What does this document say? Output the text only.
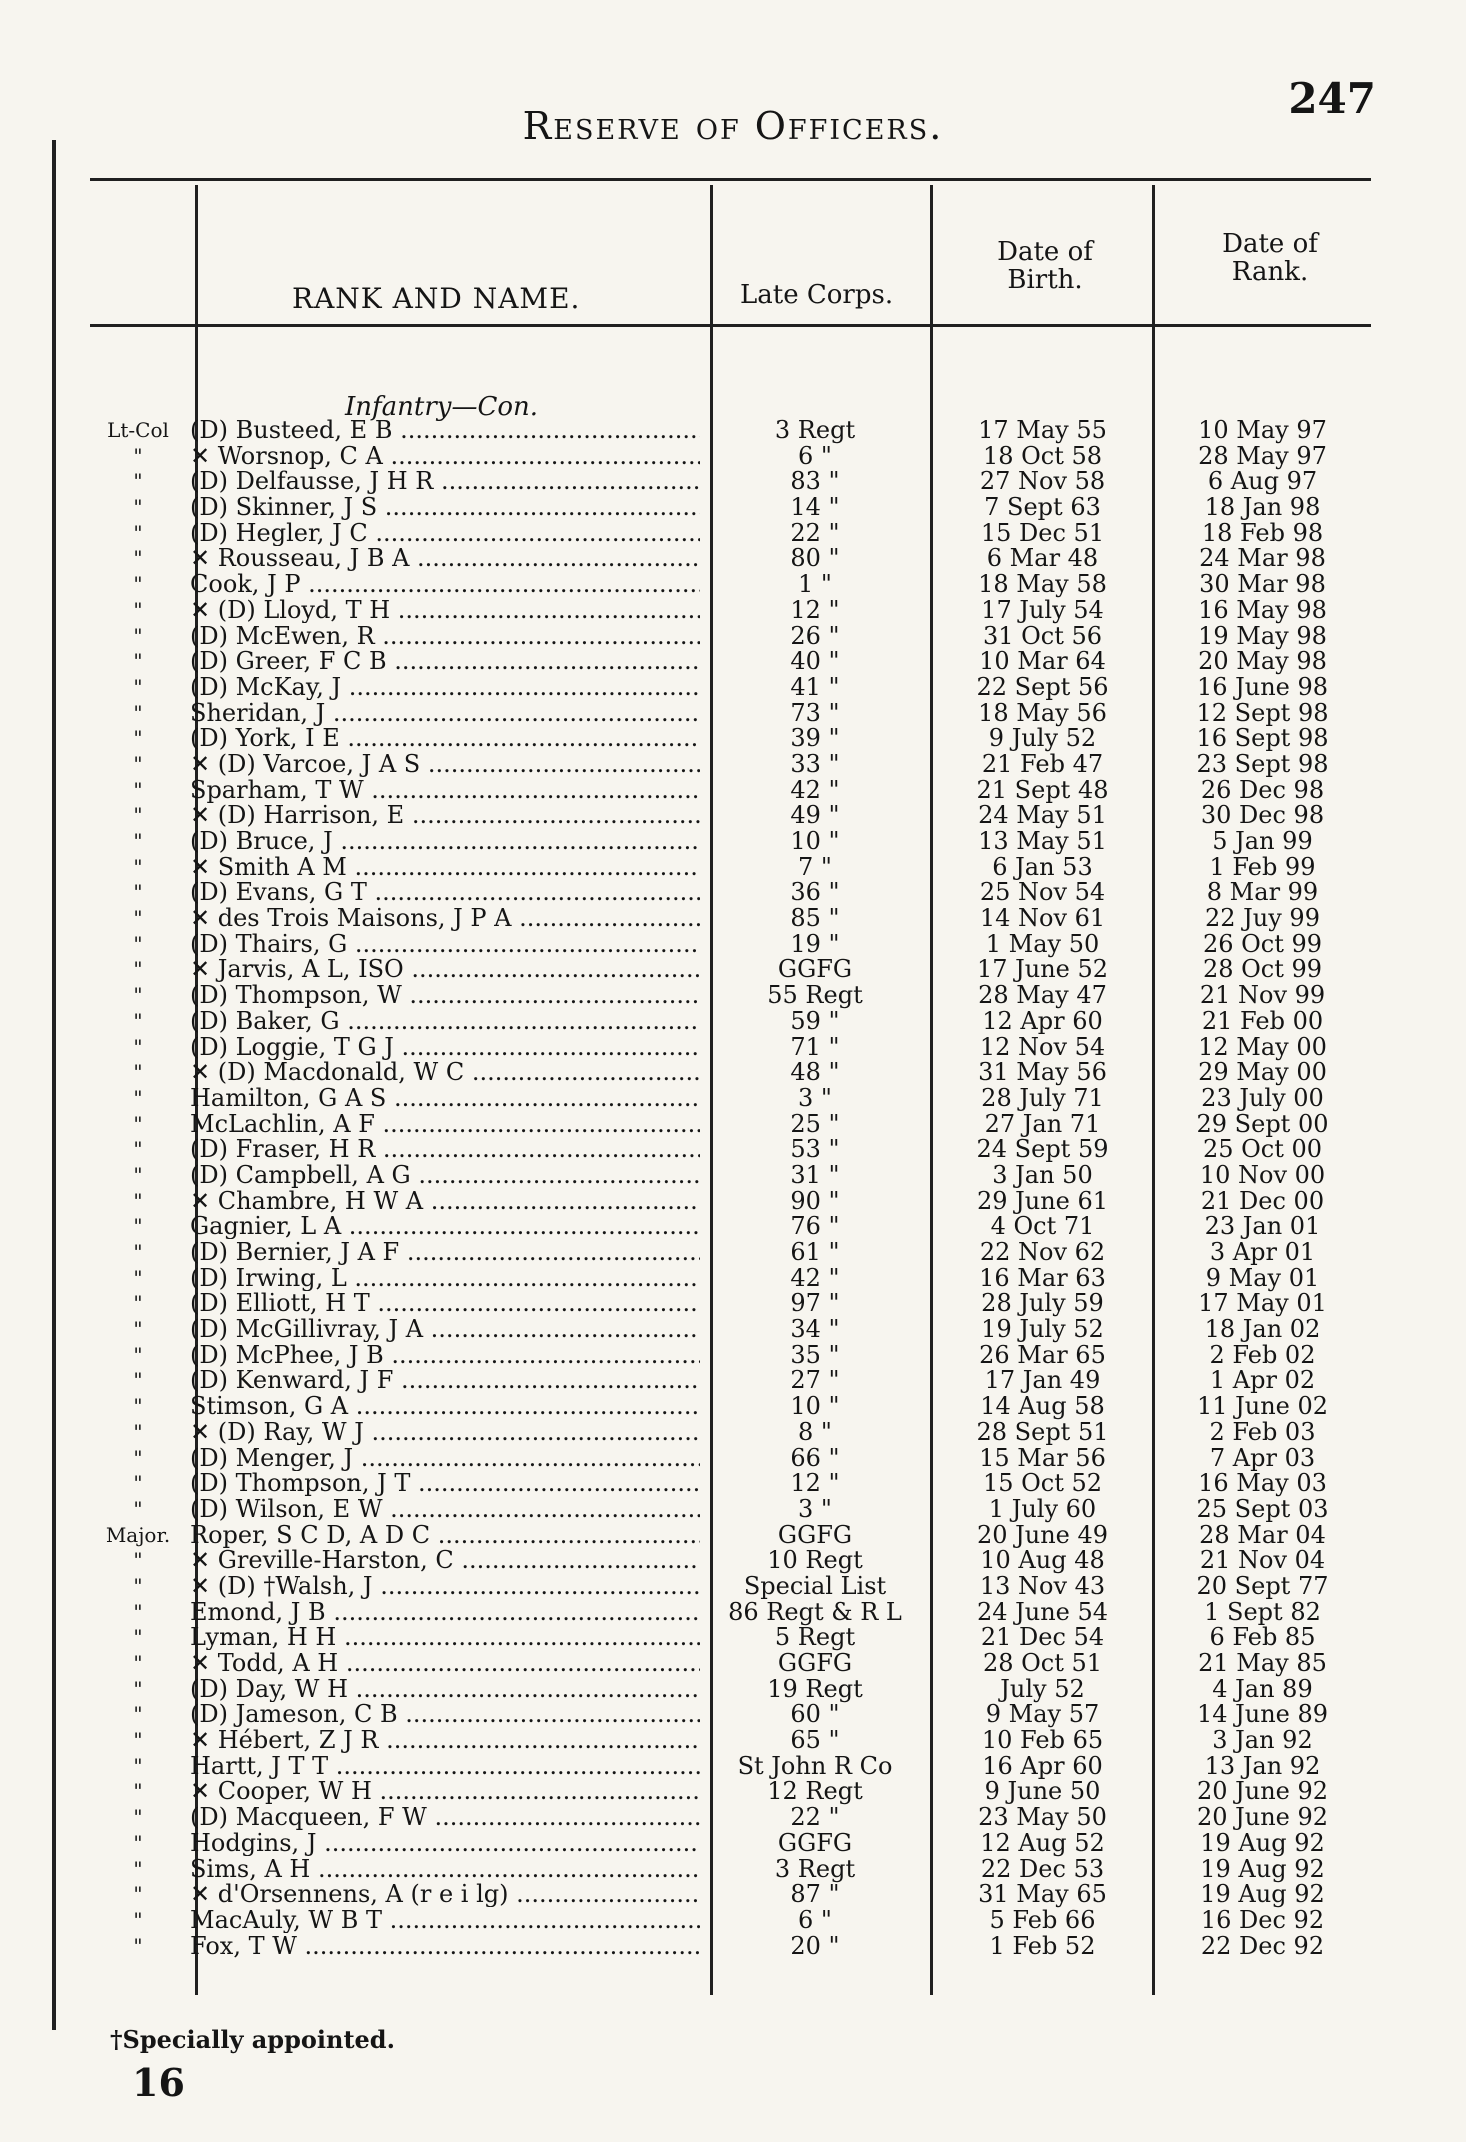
247
Reserve of Officers.
RANK AND NAME.	Late Corps.
Date of Birth.
Date of Rank.
Infantry—Con.
Lt-Col (D) Busteed, E B .....	3 Regt	17 May 55	10 May 97
"	✕ Worsnop, C A .....	6 "	18 Oct 58	28 May 97
"	(D) Delfausse, J H R .....	83 "	27 Nov 58	6 Aug 97
"	(D) Skinner, J S .....	14 "	7 Sept 63	18 Jan 98
"	(D) Hegler, J C .....	22 "	15 Dec 51	18 Feb 98
"	✕ Rousseau, J B A .....	80 "	6 Mar 48	24 Mar 98
"	Cook, J P .....	1 "	18 May 58	30 Mar 98
"	✕ (D) Lloyd, T H .....	12 "	17 July 54	16 May 98
"	(D) McEwen, R .....	26 "	31 Oct 56	19 May 98
"	(D) Greer, F C B .....	40 "	10 Mar 64	20 May 98
"	(D) McKay, J .....	41 "	22 Sept 56	16 June 98
"	Sheridan, J .....	73 "	18 May 56	12 Sept 98
"	(D) York, I E .....	39 "	9 July 52	16 Sept 98
"	✕ (D) Varcoe, J A S .....	33 "	21 Feb 47	23 Sept 98
"	Sparham, T W .....	42 "	21 Sept 48	26 Dec 98
"	✕ (D) Harrison, E .....	49 "	24 May 51	30 Dec 98
"	(D) Bruce, J .....	10 "	13 May 51	5 Jan 99
"	✕ Smith A M .....	7 "	6 Jan 53	1 Feb 99
"	(D) Evans, G T .....	36 "	25 Nov 54	8 Mar 99
"	✕ des Trois Maisons, J P A .....	85 "	14 Nov 61	22 Juy 99
"	(D) Thairs, G .....	19 "	1 May 50	26 Oct 99
"	✕ Jarvis, A L, ISO .....	GGFG	17 June 52	28 Oct 99
"	(D) Thompson, W .....	55 Regt	28 May 47	21 Nov 99
"	(D) Baker, G .....	59 "	12 Apr 60	21 Feb 00
"	(D) Loggie, T G J .....	71 "	12 Nov 54	12 May 00
"	✕ (D) Macdonald, W C .....	48 "	31 May 56	29 May 00
"	Hamilton, G A S .....	3 "	28 July 71	23 July 00
"	McLachlin, A F .....	25 "	27 Jan 71	29 Sept 00
"	(D) Fraser, H R .....	53 "	24 Sept 59	25 Oct 00
"	(D) Campbell, A G .....	31 "	3 Jan 50	10 Nov 00
"	✕ Chambre, H W A .....	90 "	29 June 61	21 Dec 00
"	Gagnier, L A .....	76 "	4 Oct 71	23 Jan 01
"	(D) Bernier, J A F .....	61 "	22 Nov 62	3 Apr 01
"	(D) Irwing, L .....	42 "	16 Mar 63	9 May 01
"	(D) Elliott, H T .....	97 "	28 July 59	17 May 01
"	(D) McGillivray, J A .....	34 "	19 July 52	18 Jan 02
"	(D) McPhee, J B .....	35 "	26 Mar 65	2 Feb 02
"	(D) Kenward, J F .....	27 "	17 Jan 49	1 Apr 02
"	Stimson, G A .....	10 "	14 Aug 58	11 June 02
"	✕ (D) Ray, W J .....	8 "	28 Sept 51	2 Feb 03
"	(D) Menger, J .....	66 "	15 Mar 56	7 Apr 03
"	(D) Thompson, J T .....	12 "	15 Oct 52	16 May 03
"	(D) Wilson, E W .....	3 "	1 July 60	25 Sept 03
Major. Roper, S C D, A D C .....	GGFG	20 June 49	28 Mar 04
"	✕ Greville-Harston, C .....	10 Regt	10 Aug 48	21 Nov 04
"	✕ (D) †Walsh, J .....	Special List	13 Nov 43	20 Sept 77
"	Emond, J B .....	86 Regt & R L	24 June 54	1 Sept 82
"	Lyman, H H .....	5 Regt	21 Dec 54	6 Feb 85
"	✕ Todd, A H .....	GGFG	28 Oct 51	21 May 85
"	(D) Day, W H .....	19 Regt	July 52	4 Jan 89
"	(D) Jameson, C B .....	60 "	9 May 57	14 June 89
"	✕ Hébert, Z J R .....	65 "	10 Feb 65	3 Jan 92
"	Hartt, J T T .....	St John R Co	16 Apr 60	13 Jan 92
"	✕ Cooper, W H .....	12 Regt	9 June 50	20 June 92
"	(D) Macqueen, F W .....	22 "	23 May 50	20 June 92
"	Hodgins, J .....	GGFG	12 Aug 52	19 Aug 92
"	Sims, A H .....	3 Regt	22 Dec 53	19 Aug 92
"	✕ d'Orsennens, A (r e i lg) .....	87 "	31 May 65	19 Aug 92
"	MacAuly, W B T .....	6 "	5 Feb 66	16 Dec 92
"	Fox, T W .....	20 "	1 Feb 52	22 Dec 92
†Specially appointed.
16
